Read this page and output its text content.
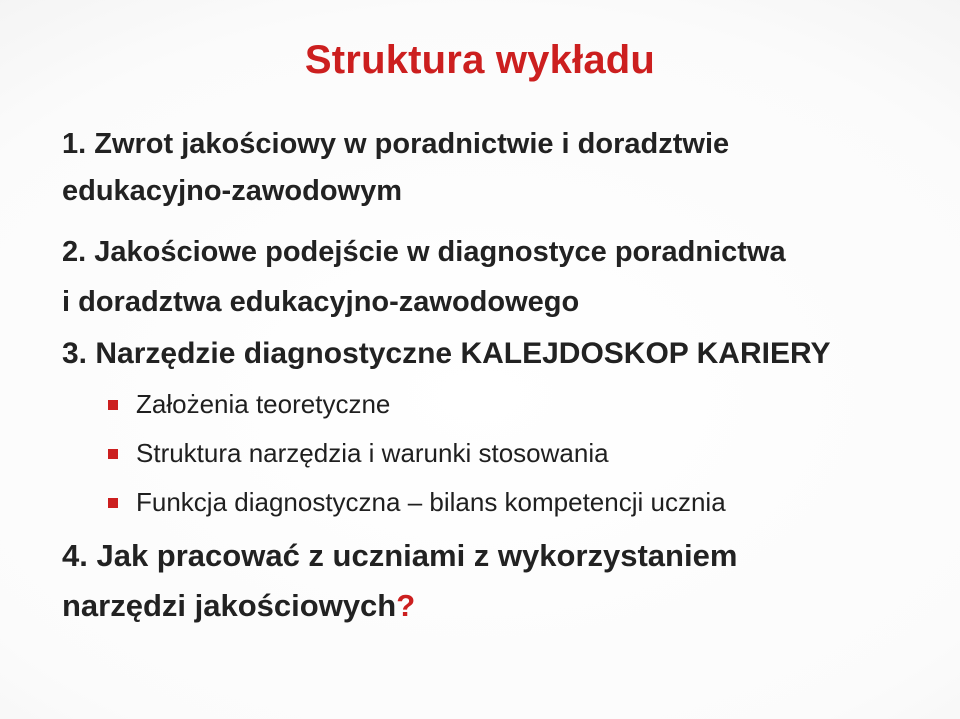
Struktura wykładu
1. Zwrot jakościowy w poradnictwie i doradztwie
edukacyjno-zawodowym
2. Jakościowe podejście w diagnostyce poradnictwa
i doradztwa edukacyjno-zawodowego
3. Narzędzie diagnostyczne KALEJDOSKOP KARIERY
Założenia teoretyczne
Struktura narzędzia i warunki stosowania
Funkcja diagnostyczna – bilans kompetencji ucznia
4. Jak pracować z uczniami z wykorzystaniem
narzędzi jakościowych?
